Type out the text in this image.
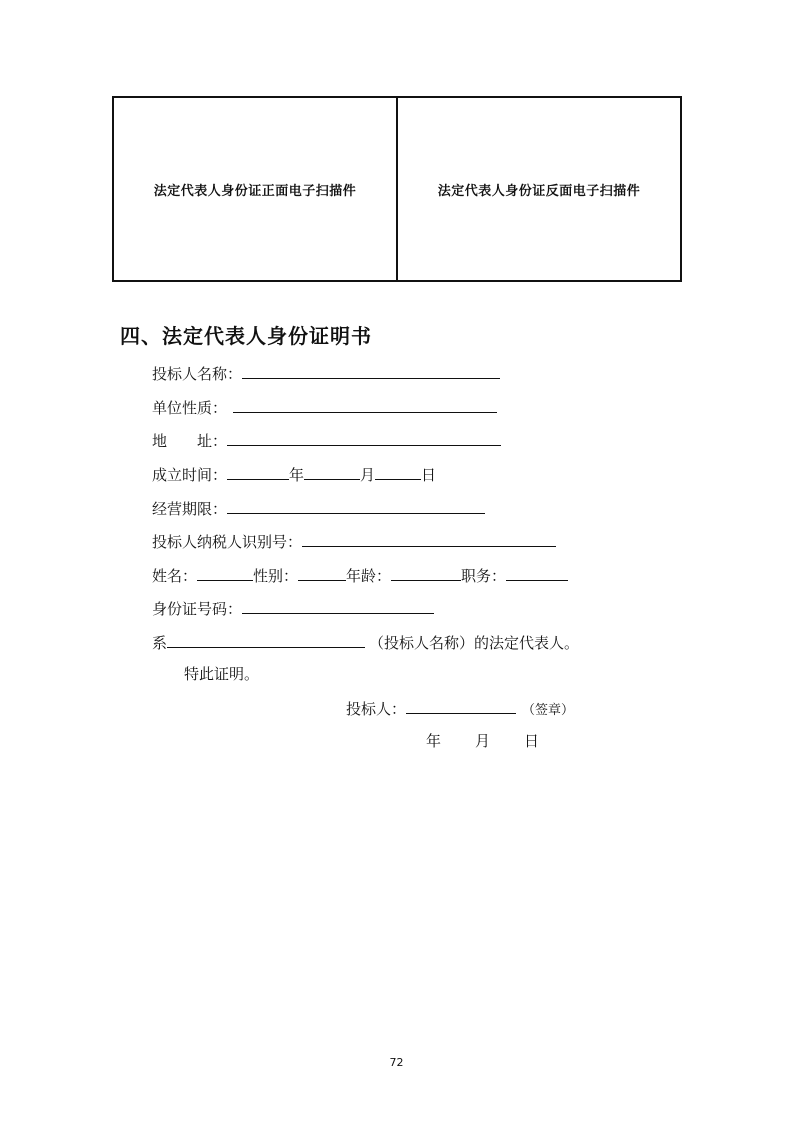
法定代表人身份证正面电子扫描件	法定代表人身份证反面电子扫描件
四、法定代表人身份证明书
投标人名称：
单位性质：
地　　址：
成立时间：	年	月	日
经营期限：
投标人纳税人识别号：
姓名：	性别：	年龄：	职务：
身份证号码：
系	（投标人名称）的法定代表人。
特此证明。
投标人：	（签章）
年 月 日
72
